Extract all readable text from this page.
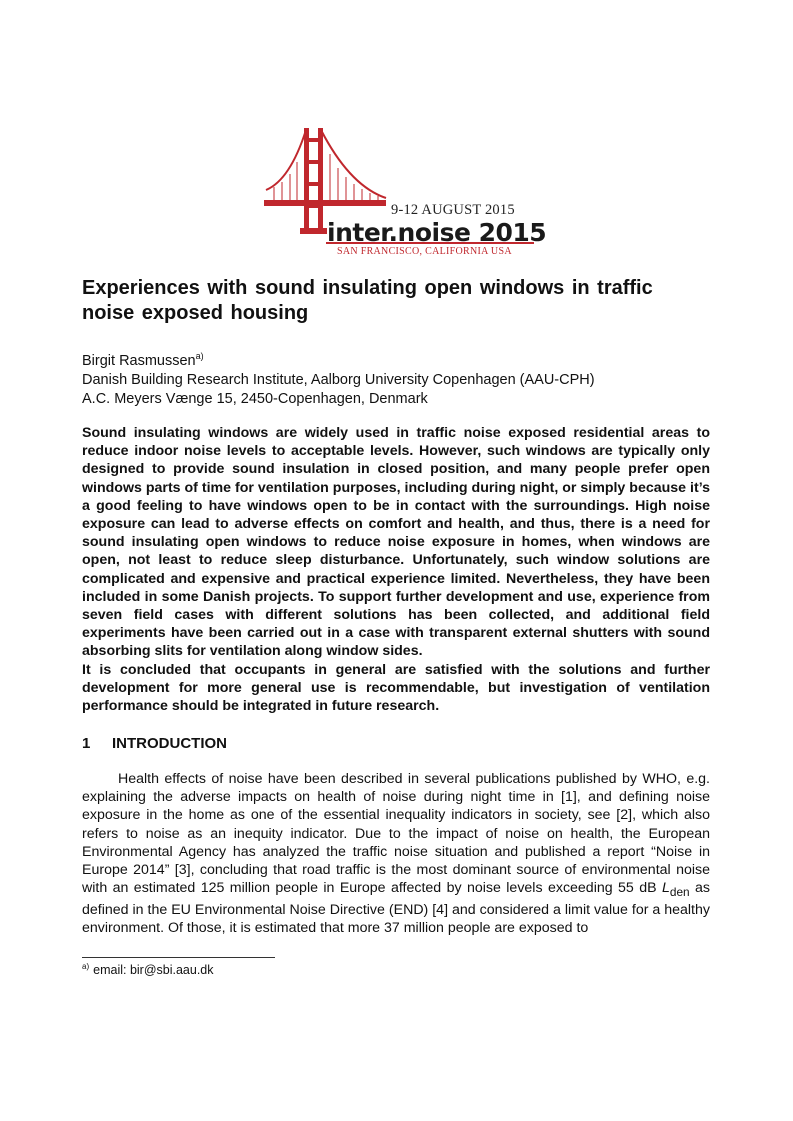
9-12 AUGUST 2015
inter.noise 2015
SAN FRANCISCO, CALIFORNIA USA
Experiences with sound insulating open windows in traffic noise exposed housing
Birgit Rasmussen$^{a)}$
Danish Building Research Institute, Aalborg University Copenhagen (AAU-CPH)
A.C. Meyers Vænge 15, 2450-Copenhagen, Denmark

Sound insulating windows are widely used in traffic noise exposed residential areas to reduce indoor noise levels to acceptable levels. However, such windows are typically only designed to provide sound insulation in closed position, and many people prefer open windows parts of time for ventilation purposes, including during night, or simply because it’s a good feeling to have windows open to be in contact with the surroundings. High noise exposure can lead to adverse effects on comfort and health, and thus, there is a need for sound insulating open windows to reduce noise exposure in homes, when windows are open, not least to reduce sleep disturbance. Unfortunately, such window solutions are complicated and expensive and practical experience limited. Nevertheless, they have been included in some Danish projects. To support further development and use, experience from seven field cases with different solutions has been collected, and additional field experiments have been carried out in a case with transparent external shutters with sound absorbing slits for ventilation along window sides.

It is concluded that occupants in general are satisfied with the solutions and further development for more general use is recommendable, but investigation of ventilation performance should be integrated in future research.

1 INTRODUCTION

Health effects of noise have been described in several publications published by WHO, e.g. explaining the adverse impacts on health of noise during night time in [1], and defining noise exposure in the home as one of the essential inequality indicators in society, see [2], which also refers to noise as an inequity indicator. Due to the impact of noise on health, the European Environmental Agency has analyzed the traffic noise situation and published a report “Noise in Europe 2014” [3], concluding that road traffic is the most dominant source of environmental noise with an estimated 125 million people in Europe affected by noise levels exceeding 55 dB $L_{den}$ as defined in the EU Environmental Noise Directive (END) [4] and considered a limit value for a healthy environment. Of those, it is estimated that more 37 million people are exposed to

$^{a)}$ email: bir@sbi.aau.dk
